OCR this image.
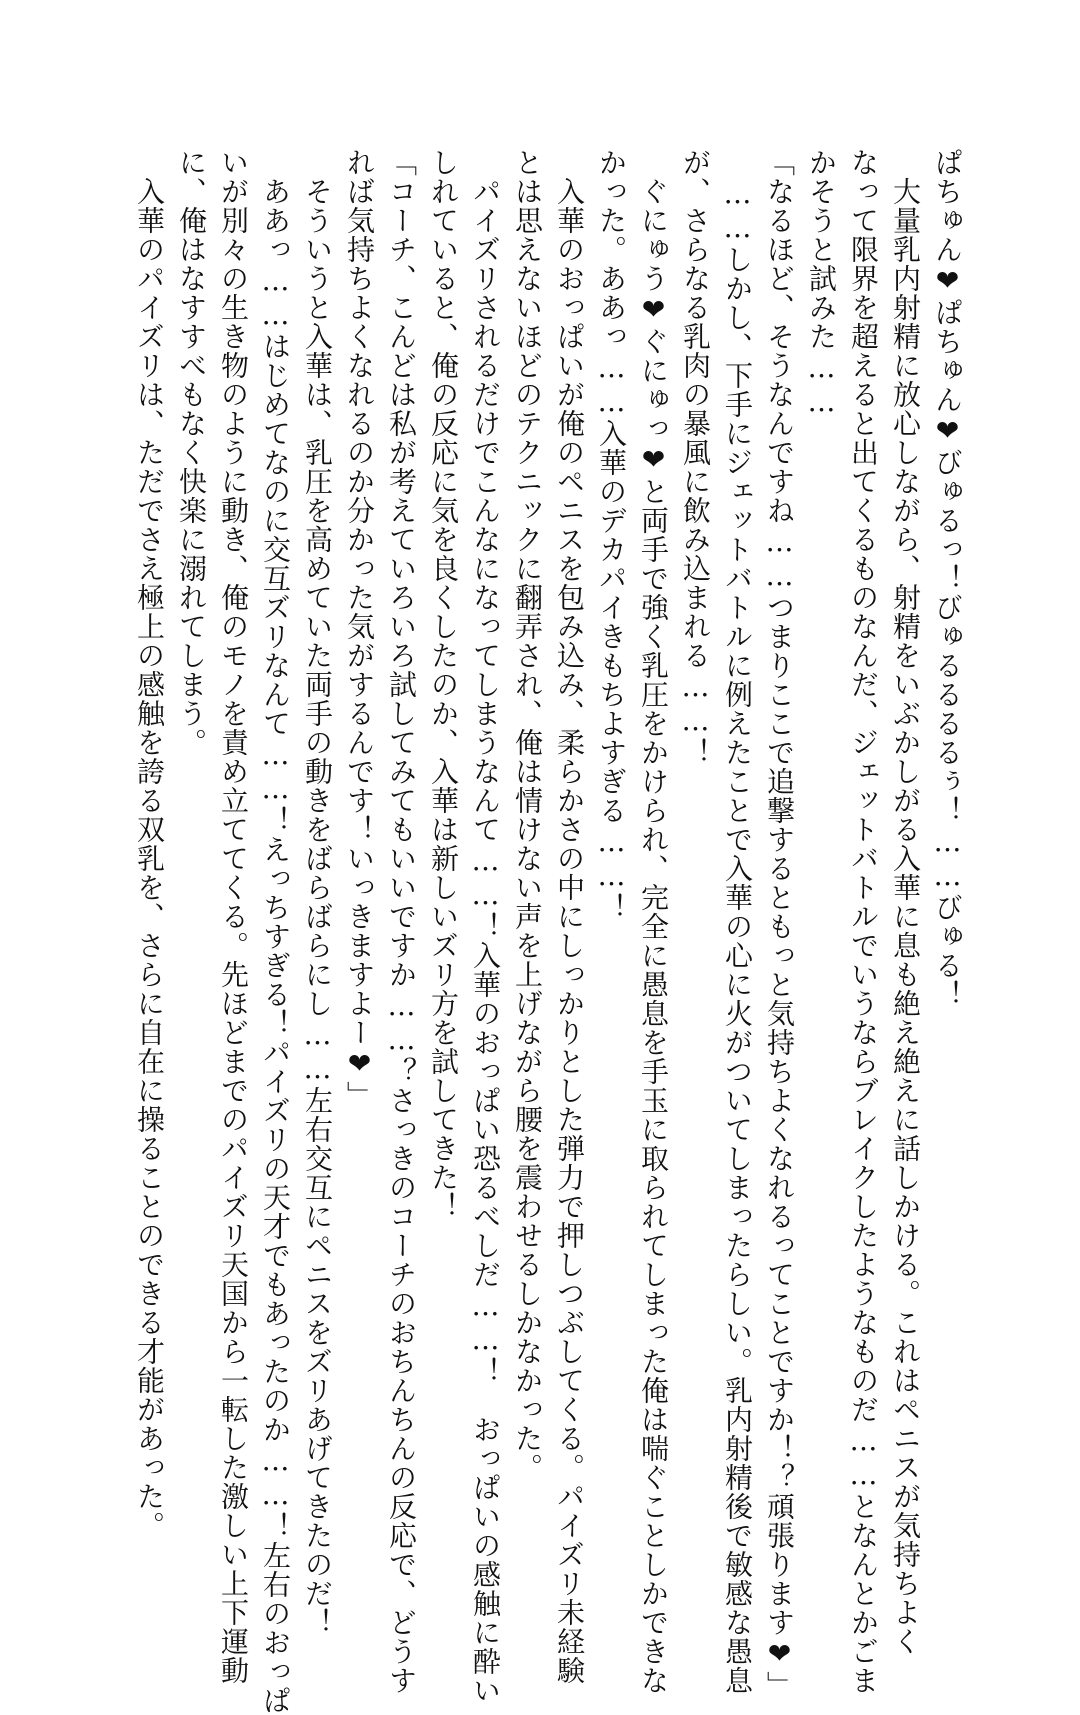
ぱちゅん❤ぱちゅん❤びゅるっ！びゅるるるるぅ！……びゅる！
　大量乳内射精に放心しながら、射精をいぶかしがる入華に息も絶え絶えに話しかける。これはペニスが気持ちよく
なって限界を超えると出てくるものなんだ、ジェットバトルでいうならブレイクしたようなものだ……となんとかごま
かそうと試みた……
「なるほど、そうなんですね……つまりここで追撃するともっと気持ちよくなれるってことですか！？頑張ります❤」
　……しかし、下手にジェットバトルに例えたことで入華の心に火がついてしまったらしい。乳内射精後で敏感な愚息
が、さらなる乳肉の暴風に飲み込まれる……！
　ぐにゅう❤ぐにゅっ❤と両手で強く乳圧をかけられ、完全に愚息を手玉に取られてしまった俺は喘ぐことしかできな
かった。ああっ……入華のデカパイきもちよすぎる……！
　入華のおっぱいが俺のペニスを包み込み、柔らかさの中にしっかりとした弾力で押しつぶしてくる。パイズリ未経験
とは思えないほどのテクニックに翻弄され、俺は情けない声を上げながら腰を震わせるしかなかった。
　パイズリされるだけでこんなになってしまうなんて……！入華のおっぱい恐るべしだ……！　おっぱいの感触に酔い
しれていると、俺の反応に気を良くしたのか、入華は新しいズリ方を試してきた！
「コーチ、こんどは私が考えていろいろ試してみてもいいですか……？さっきのコーチのおちんちんの反応で、どうす
れば気持ちよくなれるのか分かった気がするんです！いっきますよー❤」
　そういうと入華は、乳圧を高めていた両手の動きをばらばらにし……左右交互にペニスをズリあげてきたのだ！
　ああっ……はじめてなのに交互ズリなんて……！えっちすぎる！パイズリの天才でもあったのか……！左右のおっぱ
いが別々の生き物のように動き、俺のモノを責め立ててくる。先ほどまでのパイズリ天国から一転した激しい上下運動
に、俺はなすすべもなく快楽に溺れてしまう。
　入華のパイズリは、ただでさえ極上の感触を誇る双乳を、さらに自在に操ることのできる才能があった。
